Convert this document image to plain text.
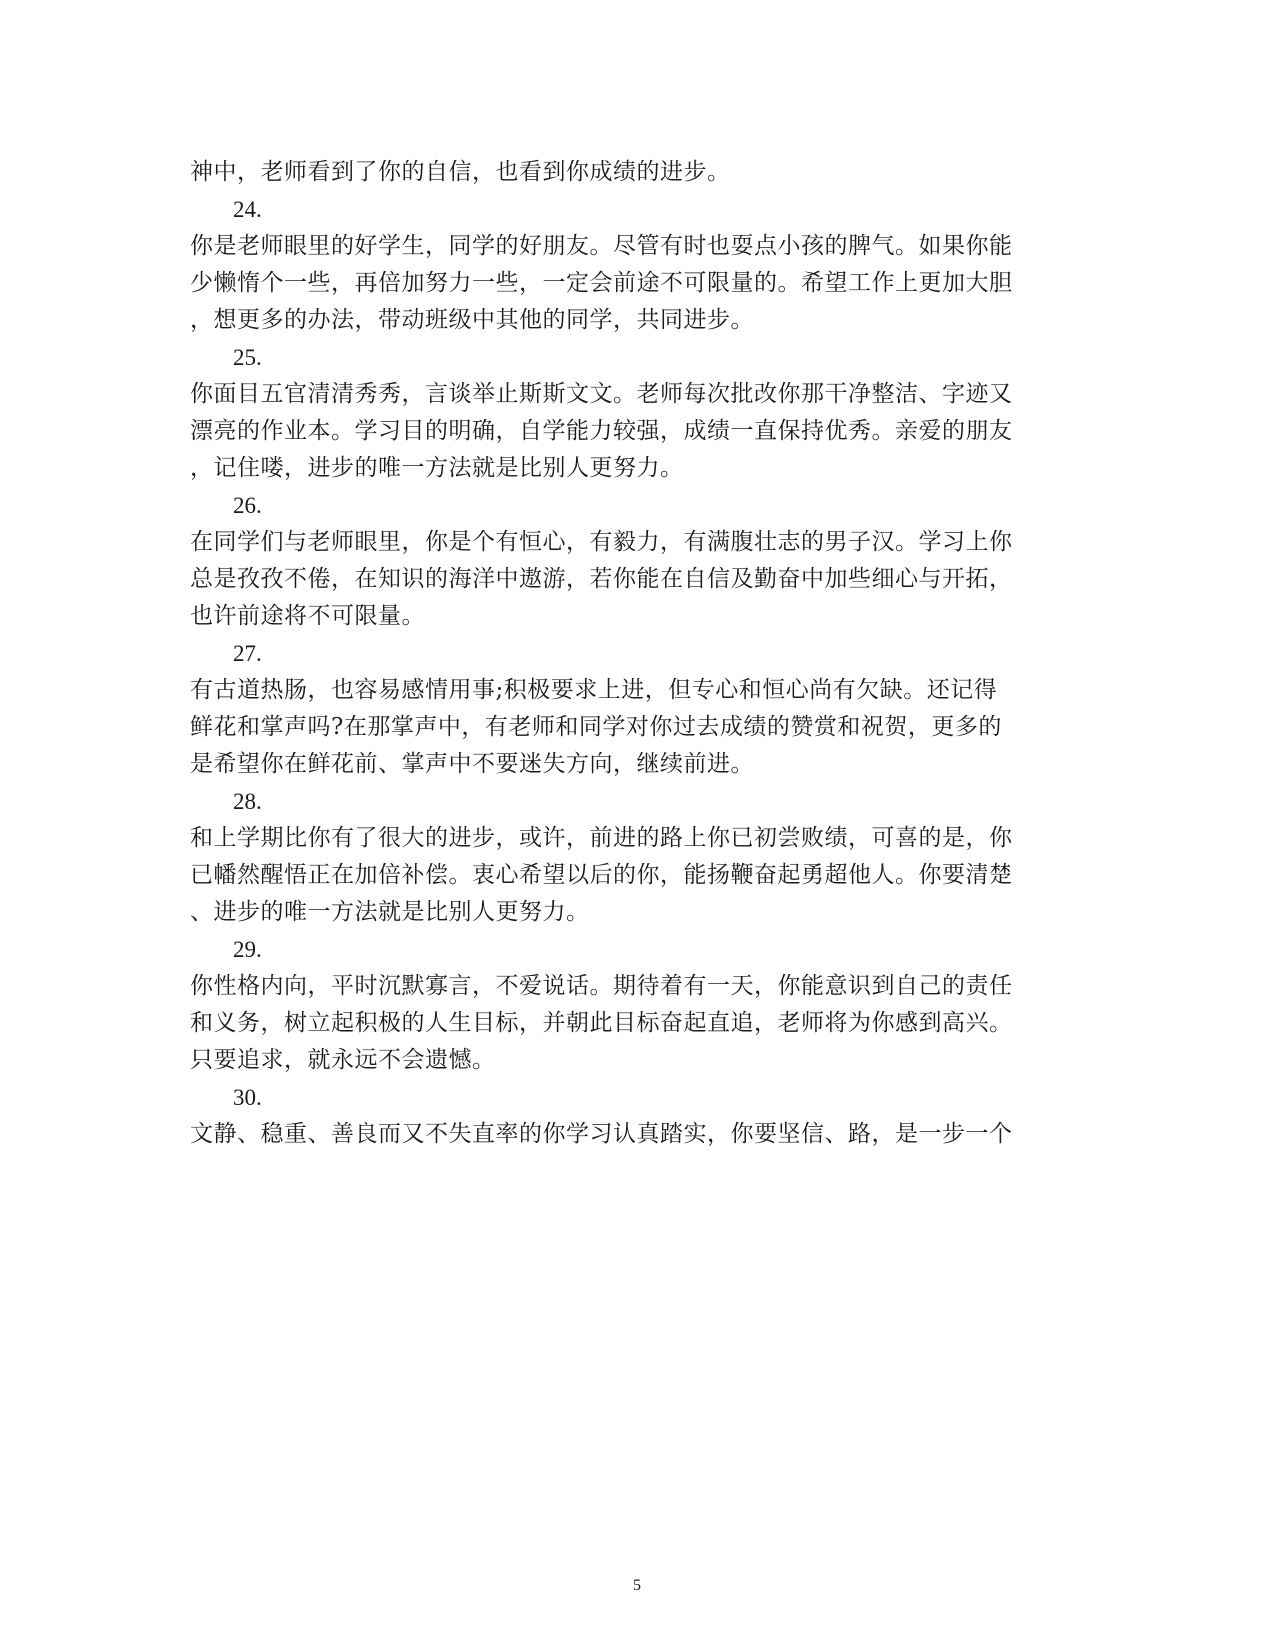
神中，老师看到了你的自信，也看到你成绩的进步。
24.
你是老师眼里的好学生，同学的好朋友。尽管有时也耍点小孩的脾气。如果你能
少懒惰个一些，再倍加努力一些，一定会前途不可限量的。希望工作上更加大胆
，想更多的办法，带动班级中其他的同学，共同进步。
25.
你面目五官清清秀秀，言谈举止斯斯文文。老师每次批改你那干净整洁、字迹又
漂亮的作业本。学习目的明确，自学能力较强，成绩一直保持优秀。亲爱的朋友
，记住喽，进步的唯一方法就是比别人更努力。
26.
在同学们与老师眼里，你是个有恒心，有毅力，有满腹壮志的男子汉。学习上你
总是孜孜不倦，在知识的海洋中遨游，若你能在自信及勤奋中加些细心与开拓，
也许前途将不可限量。
27.
有古道热肠，也容易感情用事;积极要求上进，但专心和恒心尚有欠缺。还记得
鲜花和掌声吗?在那掌声中，有老师和同学对你过去成绩的赞赏和祝贺，更多的
是希望你在鲜花前、掌声中不要迷失方向，继续前进。
28.
和上学期比你有了很大的进步，或许，前进的路上你已初尝败绩，可喜的是，你
已幡然醒悟正在加倍补偿。衷心希望以后的你，能扬鞭奋起勇超他人。你要清楚
、进步的唯一方法就是比别人更努力。
29.
你性格内向，平时沉默寡言，不爱说话。期待着有一天，你能意识到自己的责任
和义务，树立起积极的人生目标，并朝此目标奋起直追，老师将为你感到高兴。
只要追求，就永远不会遗憾。
30.
文静、稳重、善良而又不失直率的你学习认真踏实，你要坚信、路，是一步一个
5
